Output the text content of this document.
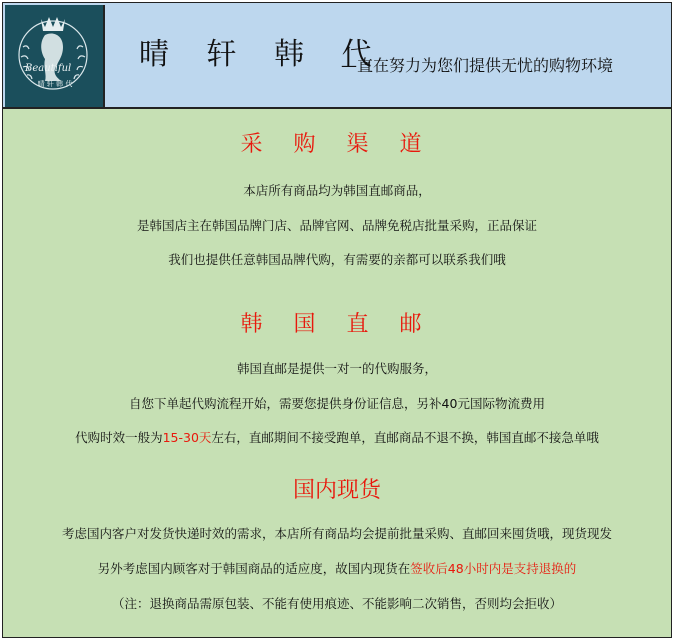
Beautiful
晴 轩 韩 代
晴 轩 韩 代
—直在努力为您们提供无忧的购物环境
采 购 渠 道
本店所有商品均为韩国直邮商品，
是韩国店主在韩国品牌门店、品牌官网、品牌免税店批量采购，正品保证
我们也提供任意韩国品牌代购，有需要的亲都可以联系我们哦
韩 国 直 邮
韩国直邮是提供一对一的代购服务，
自您下单起代购流程开始，需要您提供身份证信息，另补40元国际物流费用
代购时效一般为15-30天左右，直邮期间不接受跑单，直邮商品不退不换，韩国直邮不接急单哦
国内现货
考虑国内客户对发货快递时效的需求，本店所有商品均会提前批量采购、直邮回来囤货哦，现货现发
另外考虑国内顾客对于韩国商品的适应度，故国内现货在签收后48小时内是支持退换的
（注：退换商品需原包装、不能有使用痕迹、不能影响二次销售，否则均会拒收）
